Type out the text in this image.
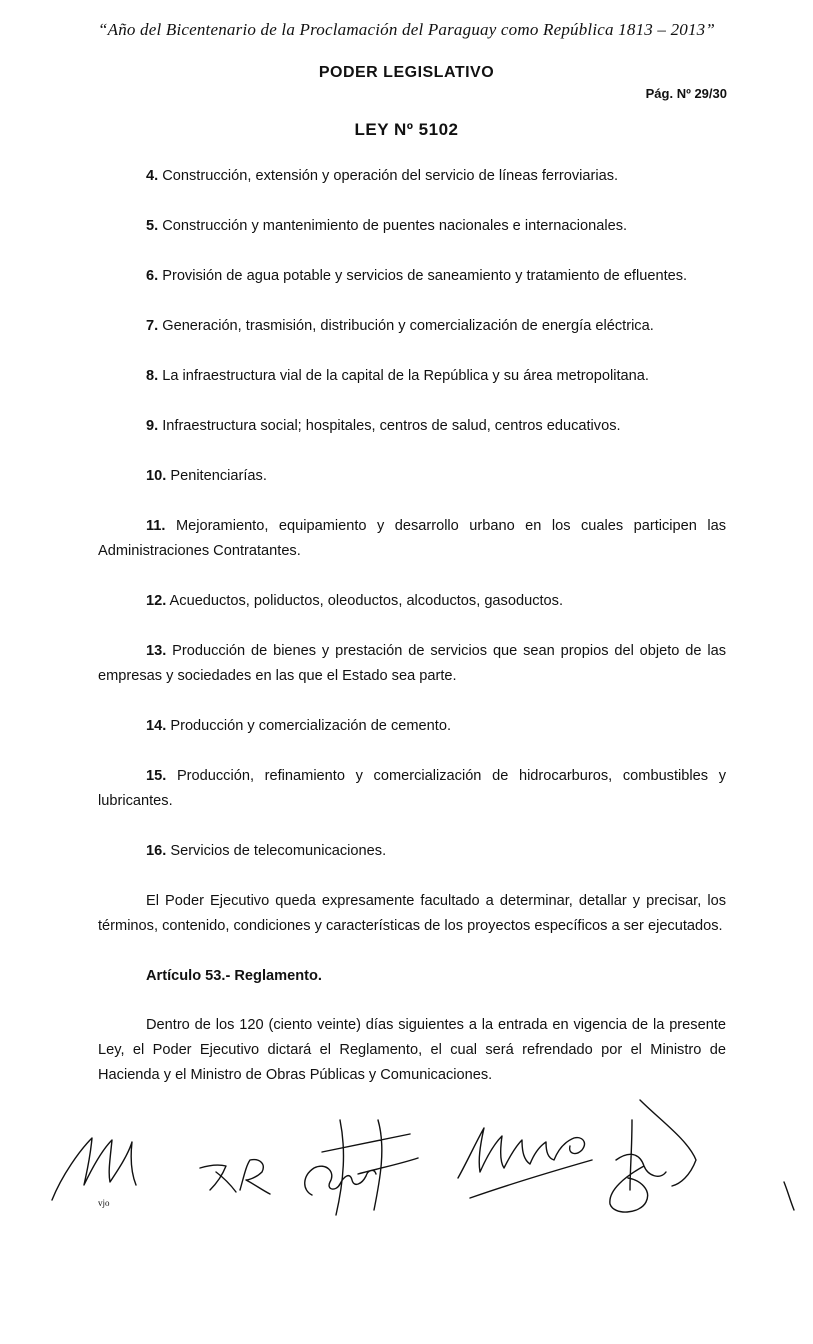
“Año del Bicentenario de la Proclamación del Paraguay como República 1813 – 2013”
PODER LEGISLATIVO
Pág. Nº 29/30
LEY Nº 5102
4. Construcción, extensión y operación del servicio de líneas ferroviarias.
5. Construcción y mantenimiento de puentes nacionales e internacionales.
6. Provisión de agua potable y servicios de saneamiento y tratamiento de efluentes.
7. Generación, trasmisión, distribución y comercialización de energía eléctrica.
8. La infraestructura vial de la capital de la República y su área metropolitana.
9. Infraestructura social; hospitales, centros de salud, centros educativos.
10. Penitenciarías.
11. Mejoramiento, equipamiento y desarrollo urbano en los cuales participen las Administraciones Contratantes.
12. Acueductos, poliductos, oleoductos, alcoductos, gasoductos.
13. Producción de bienes y prestación de servicios que sean propios del objeto de las empresas y sociedades en las que el Estado sea parte.
14. Producción y comercialización de cemento.
15. Producción, refinamiento y comercialización de hidrocarburos, combustibles y lubricantes.
16. Servicios de telecomunicaciones.
El Poder Ejecutivo queda expresamente facultado a determinar, detallar y precisar, los términos, contenido, condiciones y características de los proyectos específicos a ser ejecutados.
Artículo 53.- Reglamento.
Dentro de los 120 (ciento veinte) días siguientes a la entrada en vigencia de la presente Ley, el Poder Ejecutivo dictará el Reglamento, el cual será refrendado por el Ministro de Hacienda y el Ministro de Obras Públicas y Comunicaciones.
vjo
